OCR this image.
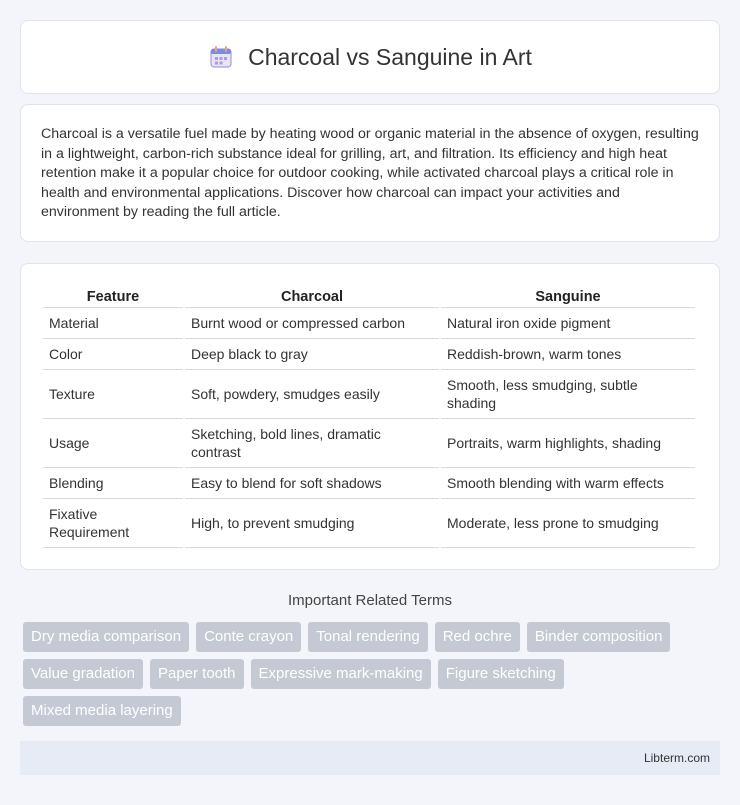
Charcoal vs Sanguine in Art

Charcoal is a versatile fuel made by heating wood or organic material in the absence of oxygen, resulting in a lightweight, carbon-rich substance ideal for grilling, art, and filtration. Its efficiency and high heat retention make it a popular choice for outdoor cooking, while activated charcoal plays a critical role in health and environmental applications. Discover how charcoal can impact your activities and environment by reading the full article.

Feature	Charcoal	Sanguine
Material	Burnt wood or compressed carbon	Natural iron oxide pigment
Color	Deep black to gray	Reddish-brown, warm tones
Texture	Soft, powdery, smudges easily	Smooth, less smudging, subtle shading
Usage	Sketching, bold lines, dramatic contrast	Portraits, warm highlights, shading
Blending	Easy to blend for soft shadows	Smooth blending with warm effects
Fixative Requirement	High, to prevent smudging	Moderate, less prone to smudging
Important Related Terms
Dry media comparison	Conte crayon	Tonal rendering	Red ochre	Binder composition
Value gradation	Paper tooth	Expressive mark-making	Figure sketching
Mixed media layering
Libterm.com
